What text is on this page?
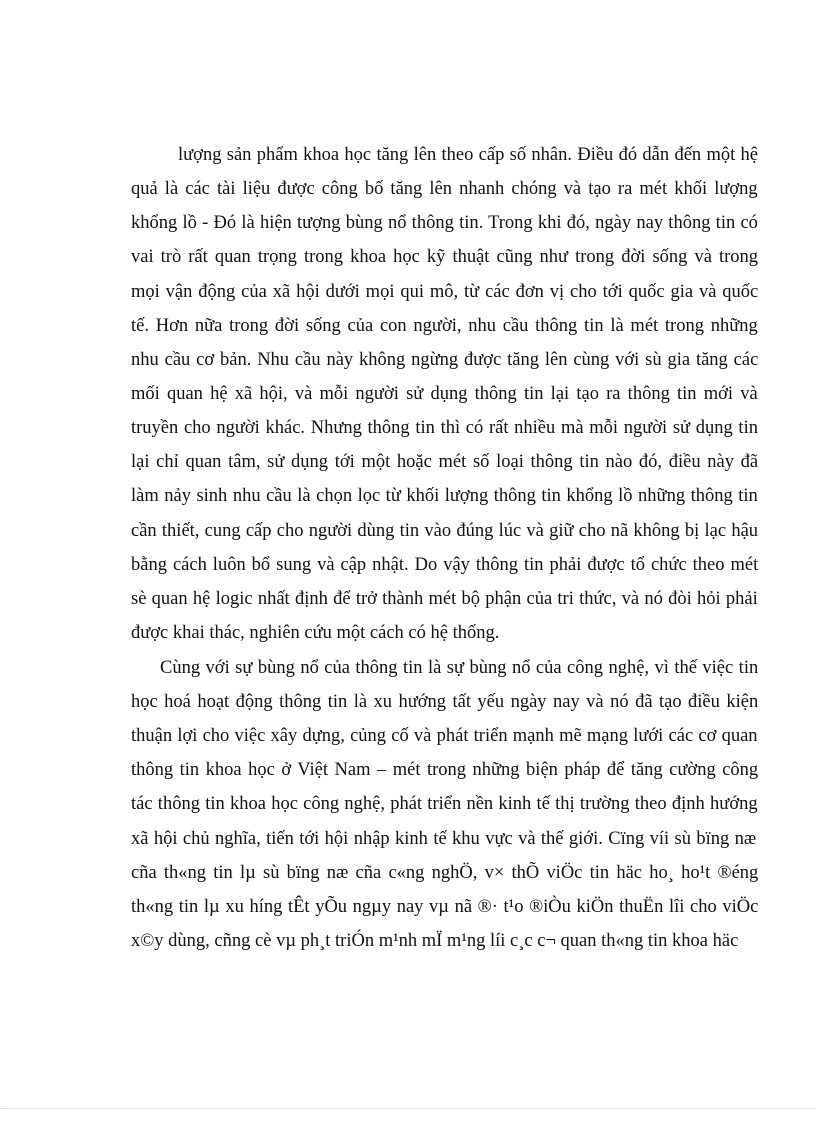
lượng sản phẩm khoa học tăng lên theo cấp số nhân. Điều đó dẫn đến một hệ
quả là các tài liệu được công bố tăng lên nhanh chóng và tạo ra mét khối lượng
khổng lồ - Đó là hiện tượng bùng nổ thông tin. Trong khi đó, ngày nay thông tin có
vai trò rất quan trọng trong khoa học kỹ thuật cũng như trong đời sống và trong
mọi vận động của xã hội dưới mọi qui mô, từ các đơn vị cho tới quốc gia và quốc
tế. Hơn nữa trong đời sống của con người, nhu cầu thông tin là mét trong những
nhu cầu cơ bản. Nhu cầu này không ngừng được tăng lên cùng với sù gia tăng các
mối quan hệ xã hội, và mỗi người sử dụng thông tin lại tạo ra thông tin mới và
truyền cho người khác. Nhưng thông tin thì có rất nhiều mà mỗi người sử dụng tin
lại chỉ quan tâm, sử dụng tới một hoặc mét số loại thông tin nào đó, điều này đã
làm nảy sinh nhu cầu là chọn lọc từ khối lượng thông tin khổng lồ những thông tin
cần thiết, cung cấp cho người dùng tin vào đúng lúc và giữ cho nã không bị lạc hậu
bằng cách luôn bổ sung và cập nhật. Do vậy thông tin phải được tổ chức theo mét
sè quan hệ logic nhất định để trở thành mét bộ phận của tri thức, và nó đòi hỏi phải
được khai thác, nghiên cứu một cách có hệ thống.
Cùng với sự bùng nổ của thông tin là sự bùng nổ của công nghệ, vì thế việc tin
học hoá hoạt động thông tin là xu hướng tất yếu ngày nay và nó đã tạo điều kiện
thuận lợi cho việc xây dựng, củng cố và phát triển mạnh mẽ mạng lưới các cơ quan
thông tin khoa học ở Việt Nam – mét trong những biện pháp để tăng cường công
tác thông tin khoa học công nghệ, phát triển nền kinh tế thị trường theo định hướng
xã hội chủ nghĩa, tiến tới hội nhập kinh tế khu vực và thế giới. Cïng víi sù bïng næ
cña th«ng tin lµ sù bïng næ cña c«ng nghÖ, v× thÕ viÖc tin häc ho¸ ho¹t ®éng
th«ng tin lµ xu híng tÊt yÕu ngµy nay vµ nã ®· t¹o ®iÒu kiÖn thuËn lîi cho viÖc
x©y dùng, cñng cè vµ ph¸t triÓn m¹nh mÏ m¹ng líi c¸c c¬ quan th«ng tin khoa häc
